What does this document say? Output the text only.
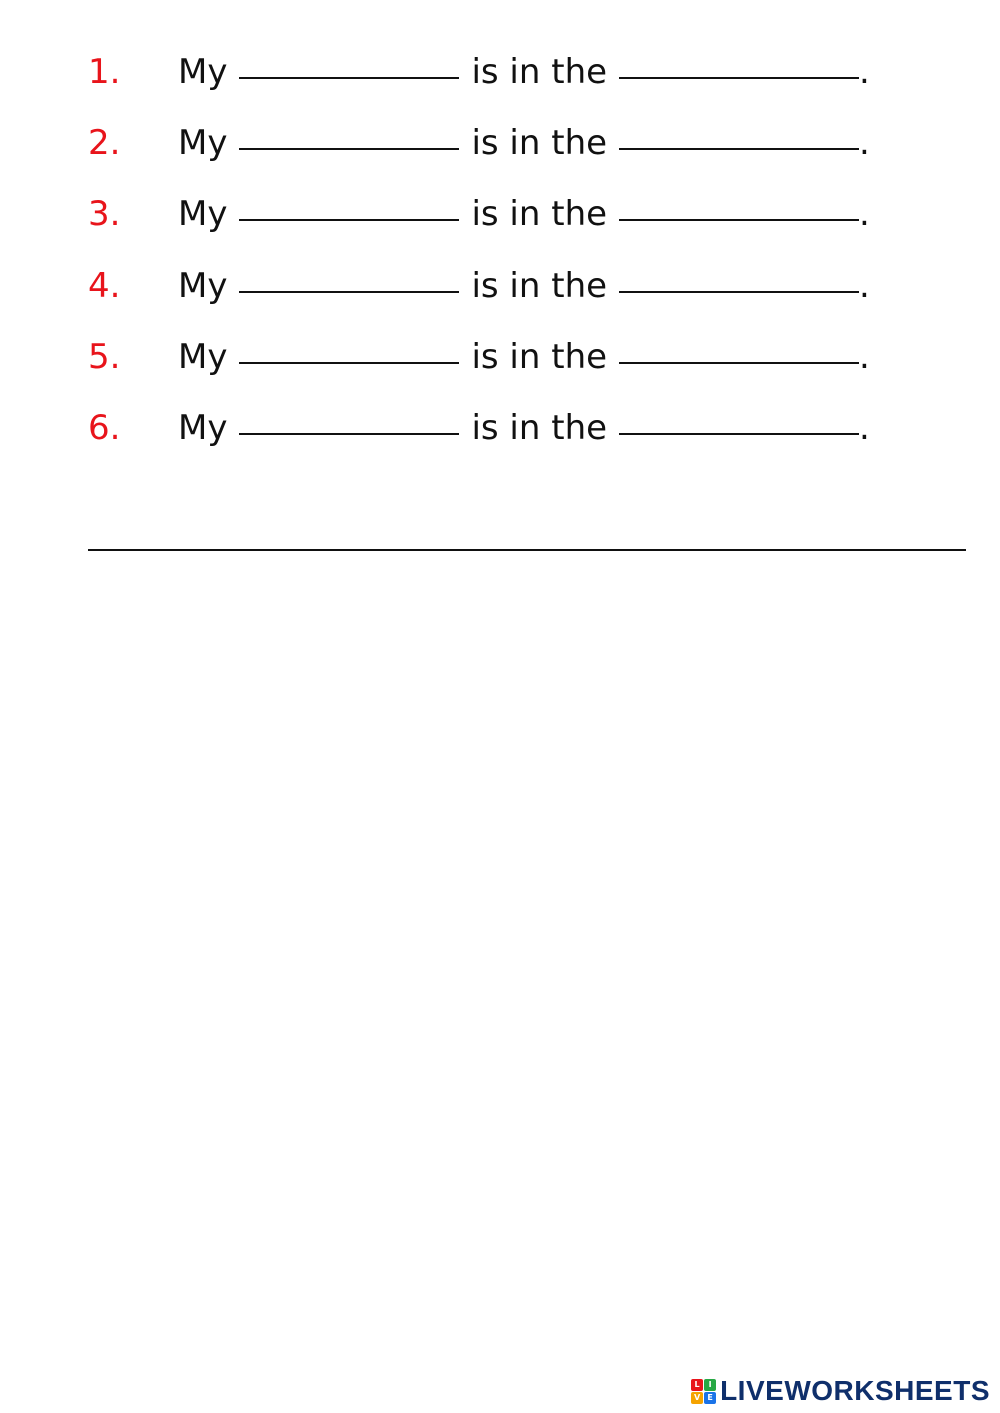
1. My	is in the	.
2. My	is in the	.
3. My	is in the	.
4. My	is in the	.
5. My	is in the	.
6. My	is in the	.
L	I
V E LIVEWORKSHEETS
